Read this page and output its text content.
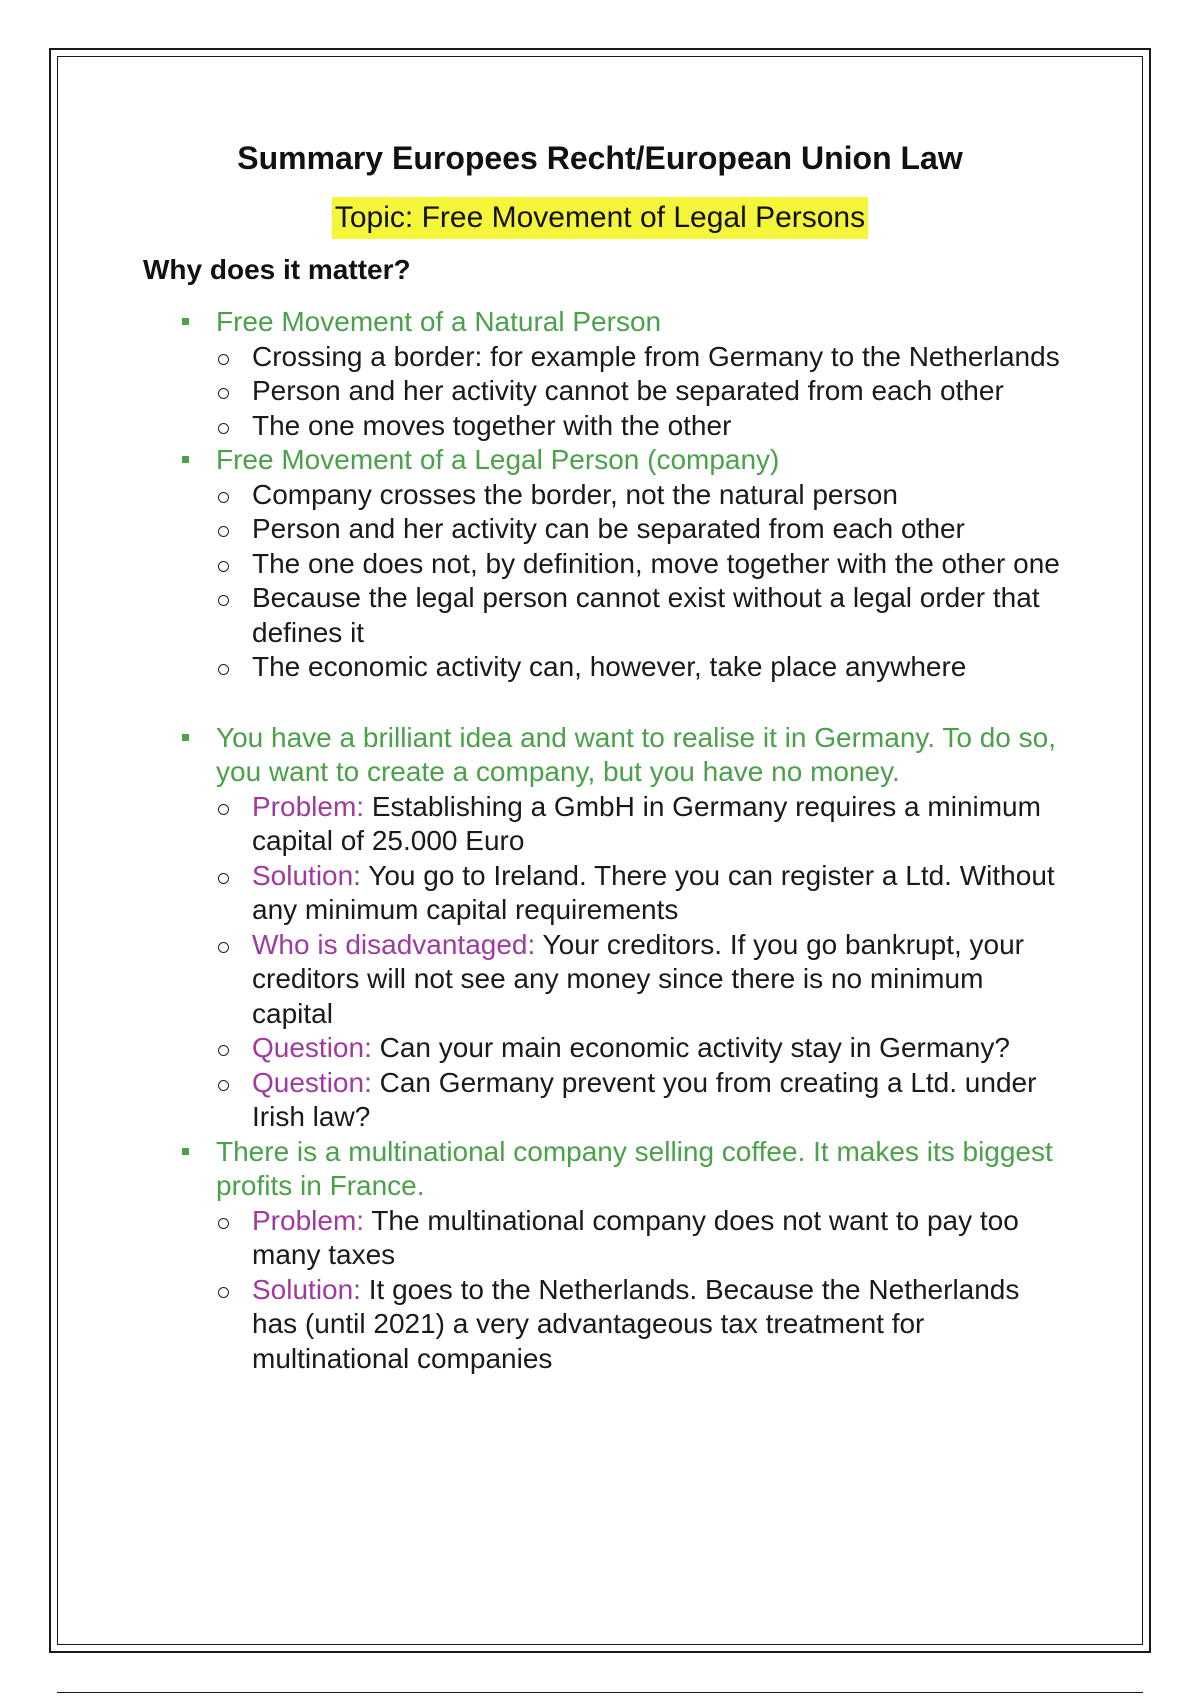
Summary Europees Recht/European Union Law
Topic: Free Movement of Legal Persons
Why does it matter?
Free Movement of a Natural Person
Crossing a border: for example from Germany to the Netherlands
Person and her activity cannot be separated from each other
The one moves together with the other
Free Movement of a Legal Person (company)
Company crosses the border, not the natural person
Person and her activity can be separated from each other
The one does not, by definition, move together with the other one
Because the legal person cannot exist without a legal order that defines it
The economic activity can, however, take place anywhere
You have a brilliant idea and want to realise it in Germany. To do so, you want to create a company, but you have no money.
Problem: Establishing a GmbH in Germany requires a minimum capital of 25.000 Euro
Solution: You go to Ireland. There you can register a Ltd. Without any minimum capital requirements
Who is disadvantaged: Your creditors. If you go bankrupt, your creditors will not see any money since there is no minimum capital
Question: Can your main economic activity stay in Germany?
Question: Can Germany prevent you from creating a Ltd. under Irish law?
There is a multinational company selling coffee. It makes its biggest profits in France.
Problem: The multinational company does not want to pay too many taxes
Solution: It goes to the Netherlands. Because the Netherlands has (until 2021) a very advantageous tax treatment for multinational companies
